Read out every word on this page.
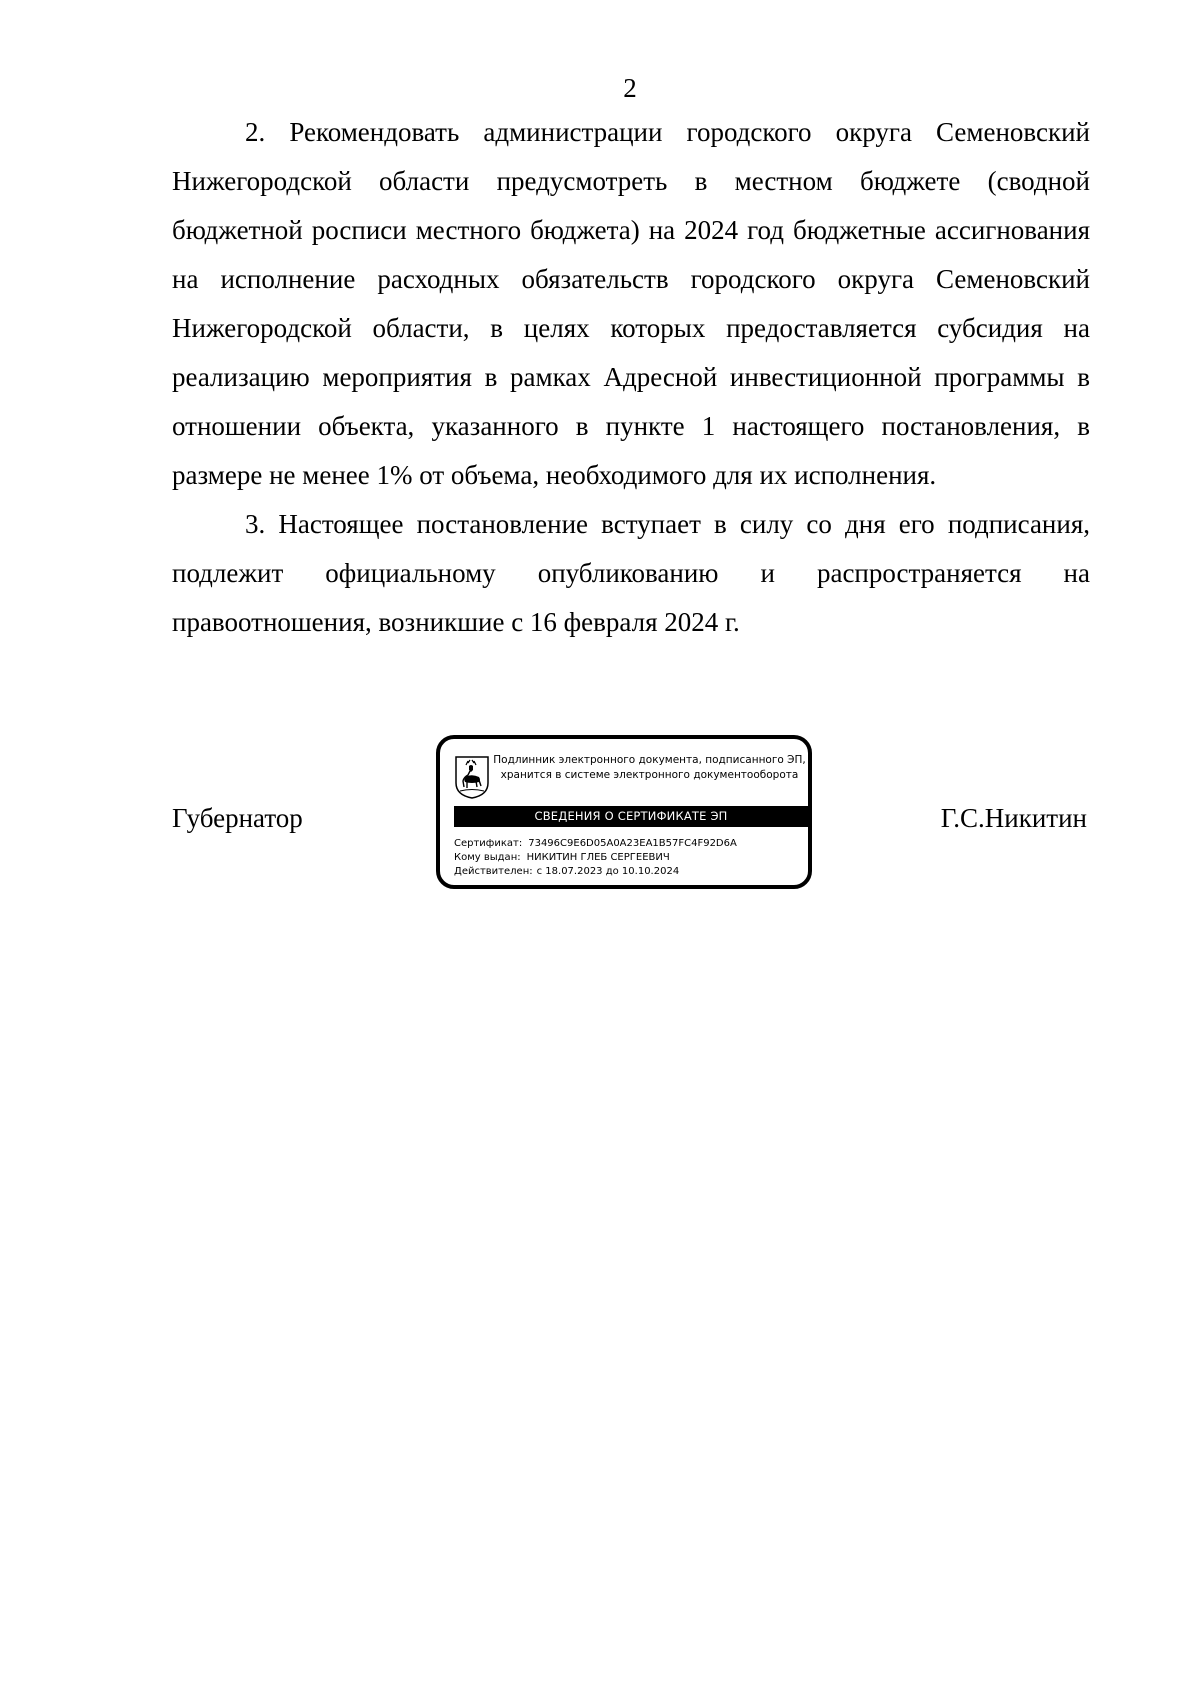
2

2. Рекомендовать администрации городского округа Семеновский Нижегородской области предусмотреть в местном бюджете (сводной бюджетной росписи местного бюджета) на 2024 год бюджетные ассигнования на исполнение расходных обязательств городского округа Семеновский Нижегородской области, в целях которых предоставляется субсидия на реализацию мероприятия в рамках Адресной инвестиционной программы в отношении объекта, указанного в пункте 1 настоящего постановления, в размере не менее 1% от объема, необходимого для их исполнения.

3. Настоящее постановление вступает в силу со дня его подписания, подлежит официальному опубликованию и распространяется на правоотношения, возникшие с 16 февраля 2024 г.

Губернатор
Подлинник электронного документа, подписанного ЭП,
хранится в системе электронного документооборота
СВЕДЕНИЯ О СЕРТИФИКАТЕ ЭП
Сертификат: 73496C9E6D05A0A23EA1B57FC4F92D6A
Кому выдан: НИКИТИН ГЛЕБ СЕРГЕЕВИЧ
Действителен: с 18.07.2023 до 10.10.2024
Г.С.Никитин
